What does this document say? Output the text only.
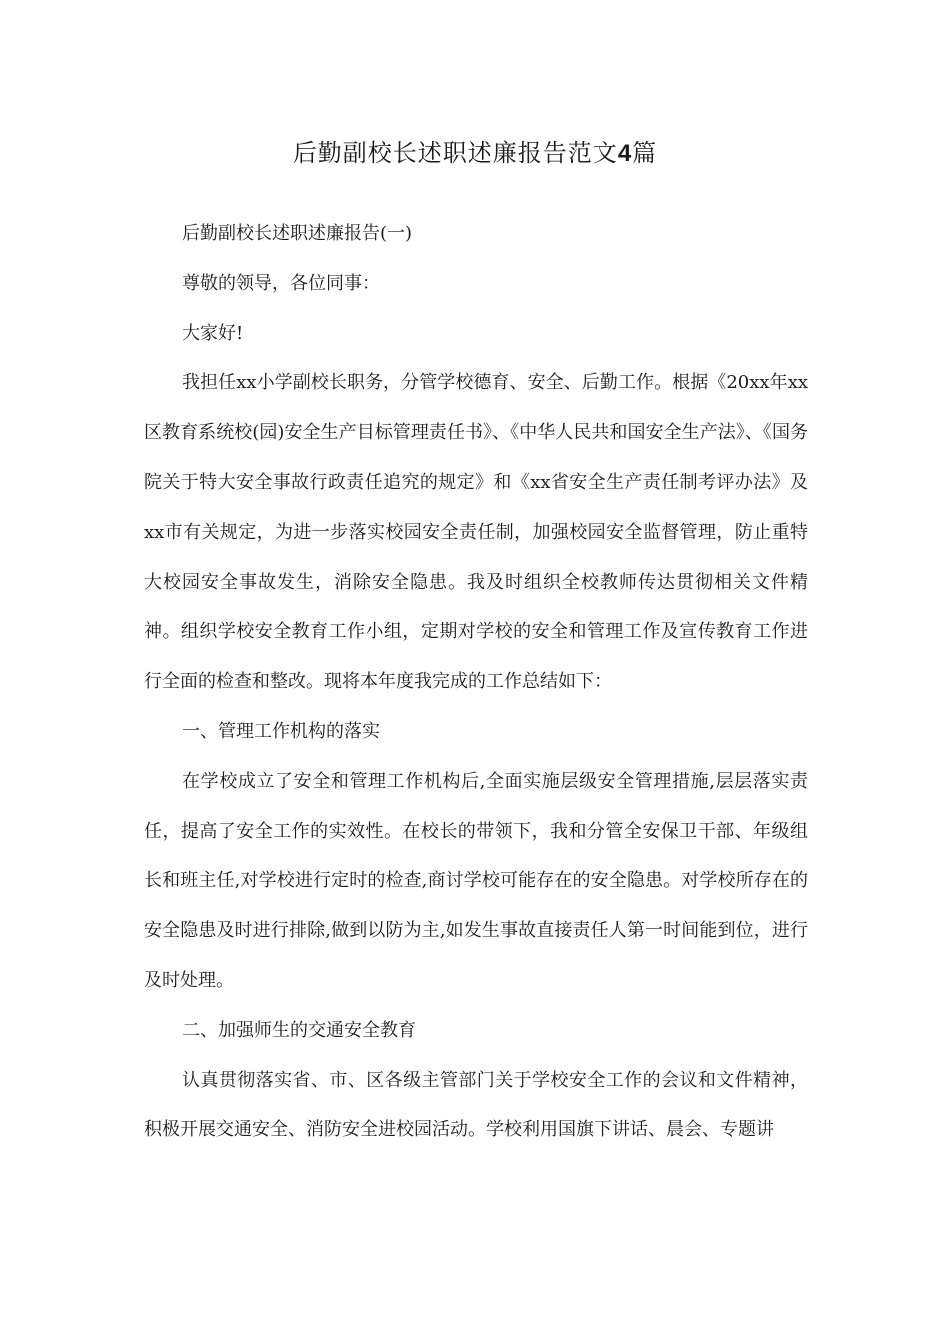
后勤副校长述职述廉报告范文4篇

后勤副校长述职述廉报告(一)

尊敬的领导，各位同事：

大家好!

我担任xx小学副校长职务，分管学校德育、安全、后勤工作。根据《20xx年xx区教育系统校(园)安全生产目标管理责任书》、《中华人民共和国安全生产法》、《国务院关于特大安全事故行政责任追究的规定》和《xx省安全生产责任制考评办法》及xx市有关规定，为进一步落实校园安全责任制，加强校园安全监督管理，防止重特大校园安全事故发生，消除安全隐患。我及时组织全校教师传达贯彻相关文件精神。组织学校安全教育工作小组，定期对学校的安全和管理工作及宣传教育工作进行全面的检查和整改。现将本年度我完成的工作总结如下：

一、管理工作机构的落实

在学校成立了安全和管理工作机构后,全面实施层级安全管理措施,层层落实责任，提高了安全工作的实效性。在校长的带领下，我和分管全安保卫干部、年级组长和班主任,对学校进行定时的检查,商讨学校可能存在的安全隐患。对学校所存在的安全隐患及时进行排除,做到以防为主,如发生事故直接责任人第一时间能到位，进行及时处理。

二、加强师生的交通安全教育

认真贯彻落实省、市、区各级主管部门关于学校安全工作的会议和文件精神，积极开展交通安全、消防安全进校园活动。学校利用国旗下讲话、晨会、专题讲
